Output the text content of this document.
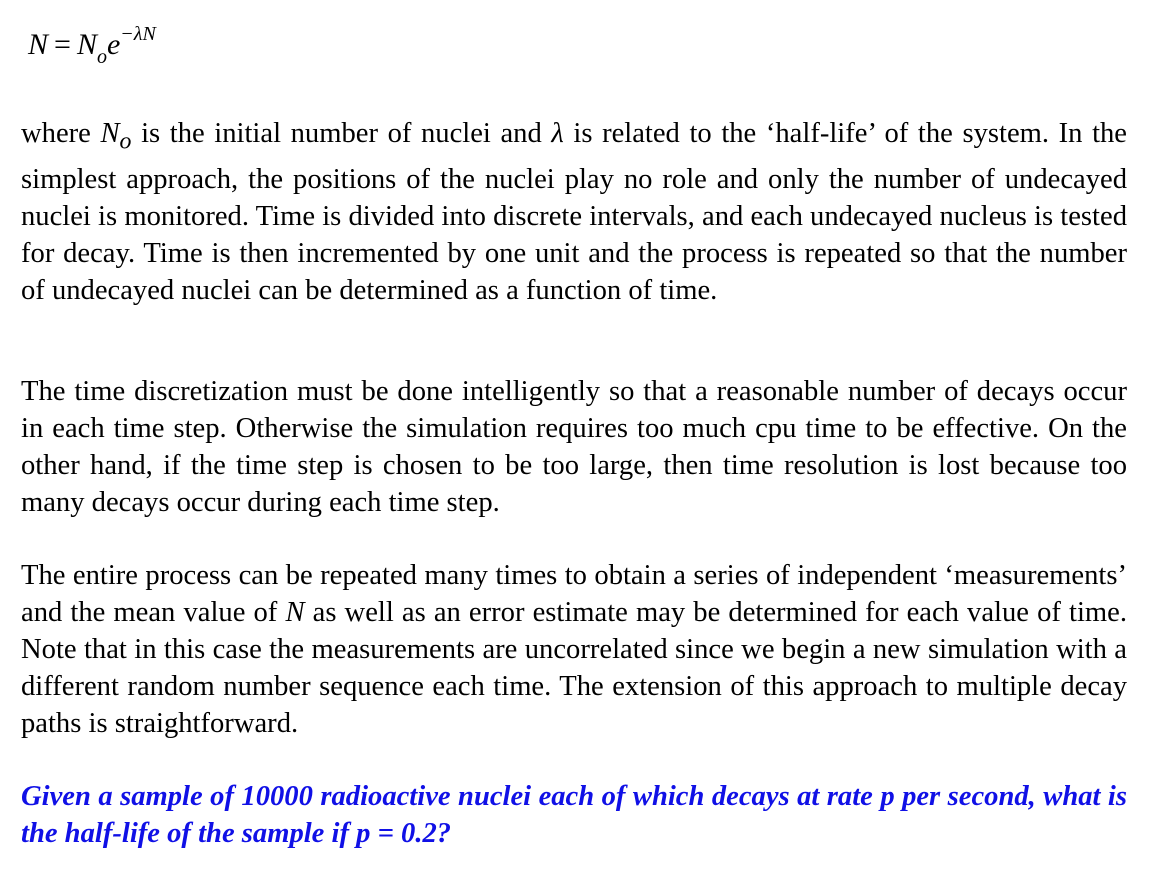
$N = N_oe^{-\lambda N}$

where $N_o$ is the initial number of nuclei and λ is related to the ‘half-life’ of the system. In the simplest approach, the positions of the nuclei play no role and only the number of undecayed nuclei is monitored. Time is divided into discrete intervals, and each undecayed nucleus is tested for decay. Time is then incremented by one unit and the process is repeated so that the number of undecayed nuclei can be determined as a function of time.

The time discretization must be done intelligently so that a reasonable number of decays occur in each time step. Otherwise the simulation requires too much cpu time to be effective. On the other hand, if the time step is chosen to be too large, then time resolution is lost because too many decays occur during each time step.

The entire process can be repeated many times to obtain a series of independent ‘measurements’ and the mean value of N as well as an error estimate may be determined for each value of time. Note that in this case the measurements are uncorrelated since we begin a new simulation with a different random number sequence each time. The extension of this approach to multiple decay paths is straightforward.

Given a sample of 10000 radioactive nuclei each of which decays at rate p per second, what is the half-life of the sample if p = 0.2?
